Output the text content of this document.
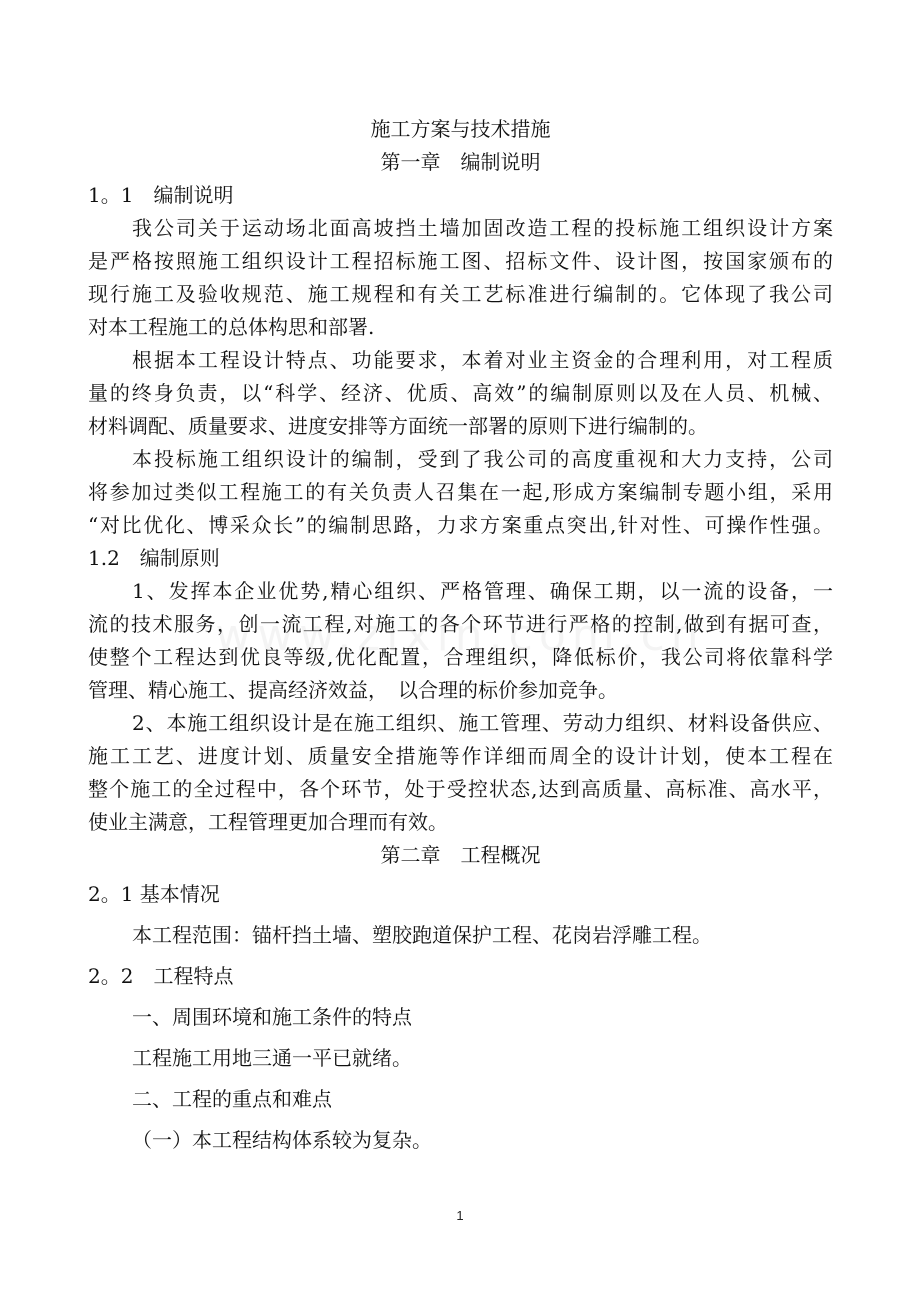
施工方案与技术措施
第一章　编制说明
1。1　编制说明
我公司关于运动场北面高坡挡土墙加固改造工程的投标施工组织设计方案
是严格按照施工组织设计工程招标施工图、招标文件、设计图，按国家颁布的
现行施工及验收规范、施工规程和有关工艺标准进行编制的。它体现了我公司
对本工程施工的总体构思和部署.
根据本工程设计特点、功能要求，本着对业主资金的合理利用，对工程质
量的终身负责，以“科学、经济、优质、高效”的编制原则以及在人员、机械、
材料调配、质量要求、进度安排等方面统一部署的原则下进行编制的。
本投标施工组织设计的编制，受到了我公司的高度重视和大力支持，公司
将参加过类似工程施工的有关负责人召集在一起,形成方案编制专题小组，采用
“对比优化、博采众长”的编制思路，力求方案重点突出,针对性、可操作性强。
1.2　编制原则
1、发挥本企业优势,精心组织、严格管理、确保工期，以一流的设备，一
流的技术服务，创一流工程,对施工的各个环节进行严格的控制,做到有据可查，
使整个工程达到优良等级,优化配置，合理组织，降低标价，我公司将依靠科学
管理、精心施工、提高经济效益，　以合理的标价参加竞争。
2、本施工组织设计是在施工组织、施工管理、劳动力组织、材料设备供应、
施工工艺、进度计划、质量安全措施等作详细而周全的设计计划，使本工程在
整个施工的全过程中，各个环节，处于受控状态,达到高质量、高标准、高水平，
使业主满意，工程管理更加合理而有效。
第二章　工程概况
2。1 基本情况
本工程范围：锚杆挡土墙、塑胶跑道保护工程、花岗岩浮雕工程。
2。2　工程特点
一、周围环境和施工条件的特点
工程施工用地三通一平已就绪。
二、工程的重点和难点
（一）本工程结构体系较为复杂。
1
